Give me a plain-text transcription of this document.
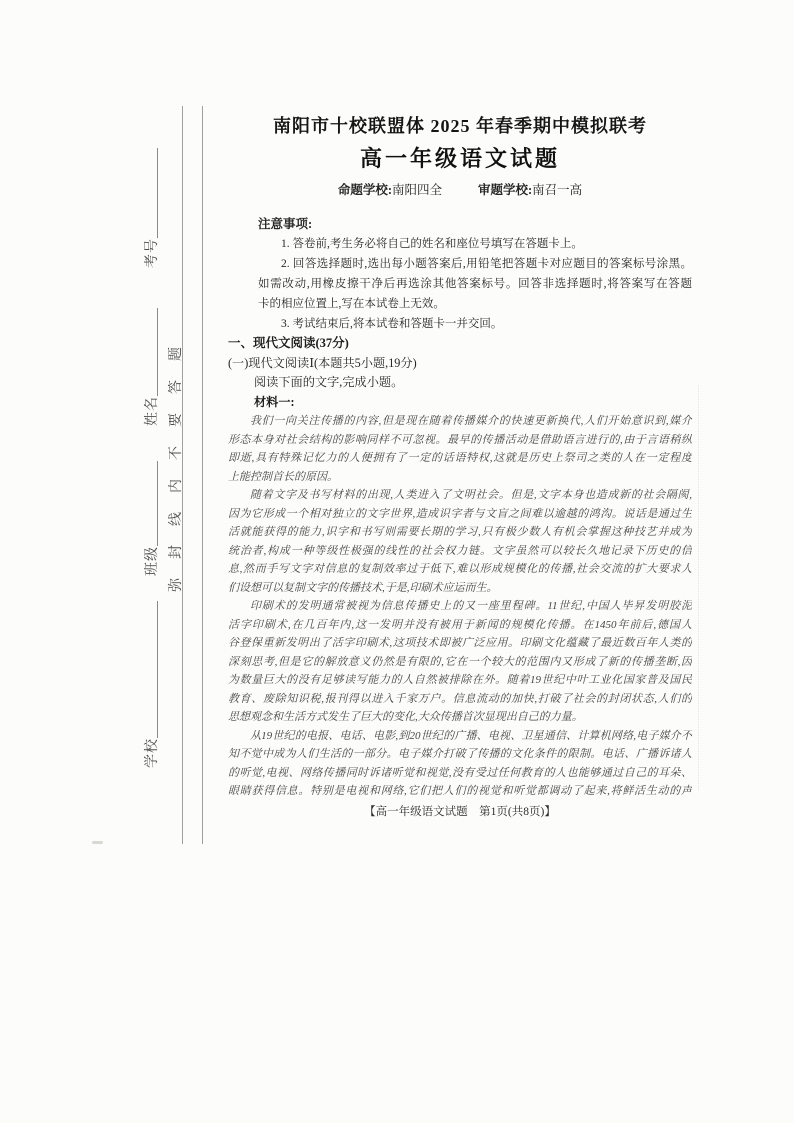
学校班级姓名考号
弥封线内不要答题
南阳市十校联盟体 2025 年春季期中模拟联考
高一年级语文试题
命题学校:南阳四全	审题学校:南召一高
注意事项:
1. 答卷前,考生务必将自己的姓名和座位号填写在答题卡上。
2. 回答选择题时,选出每小题答案后,用铅笔把答题卡对应题目的答案标号涂黑。
如需改动,用橡皮擦干净后再选涂其他答案标号。回答非选择题时,将答案写在答题
卡的相应位置上,写在本试卷上无效。
3. 考试结束后,将本试卷和答题卡一并交回。
一、现代文阅读(37分)
(一)现代文阅读Ⅰ(本题共5小题,19分)
阅读下面的文字,完成小题。
材料一:
我们一向关注传播的内容,但是现在随着传播媒介的快速更新换代,人们开始意识到,媒介
形态本身对社会结构的影响同样不可忽视。最早的传播活动是借助语言进行的,由于言语稍纵
即逝,具有特殊记忆力的人便拥有了一定的话语特权,这就是历史上祭司之类的人在一定程度
上能控制首长的原因。
随着文字及书写材料的出现,人类进入了文明社会。但是,文字本身也造成新的社会隔阂,
因为它形成一个相对独立的文字世界,造成识字者与文盲之间难以逾越的鸿沟。说话是通过生
活就能获得的能力,识字和书写则需要长期的学习,只有极少数人有机会掌握这种技艺并成为
统治者,构成一种等级性极强的线性的社会权力链。文字虽然可以较长久地记录下历史的信
息,然而手写文字对信息的复制效率过于低下,难以形成规模化的传播,社会交流的扩大要求人
们设想可以复制文字的传播技术,于是,印刷术应运而生。
印刷术的发明通常被视为信息传播史上的又一座里程碑。11世纪,中国人毕昇发明胶泥
活字印刷术,在几百年内,这一发明并没有被用于新闻的规模化传播。在1450年前后,德国人
谷登保重新发明出了活字印刷术,这项技术即被广泛应用。印刷文化蕴藏了最近数百年人类的
深刻思考,但是它的解放意义仍然是有限的,它在一个较大的范围内又形成了新的传播垄断,因
为数量巨大的没有足够读写能力的人自然被排除在外。随着19世纪中叶工业化国家普及国民
教育、废除知识税,报刊得以进入千家万户。信息流动的加快,打破了社会的封闭状态,人们的
思想观念和生活方式发生了巨大的变化,大众传播首次显现出自己的力量。
从19世纪的电报、电话、电影,到20世纪的广播、电视、卫星通信、计算机网络,电子媒介不
知不觉中成为人们生活的一部分。电子媒介打破了传播的文化条件的限制。电话、广播诉诸人
的听觉,电视、网络传播同时诉诸听觉和视觉,没有受过任何教育的人也能够通过自己的耳朵、
眼睛获得信息。特别是电视和网络,它们把人们的视觉和听觉都调动了起来,将鲜活生动的声
【高一年级语文试题　第1页(共8页)】
